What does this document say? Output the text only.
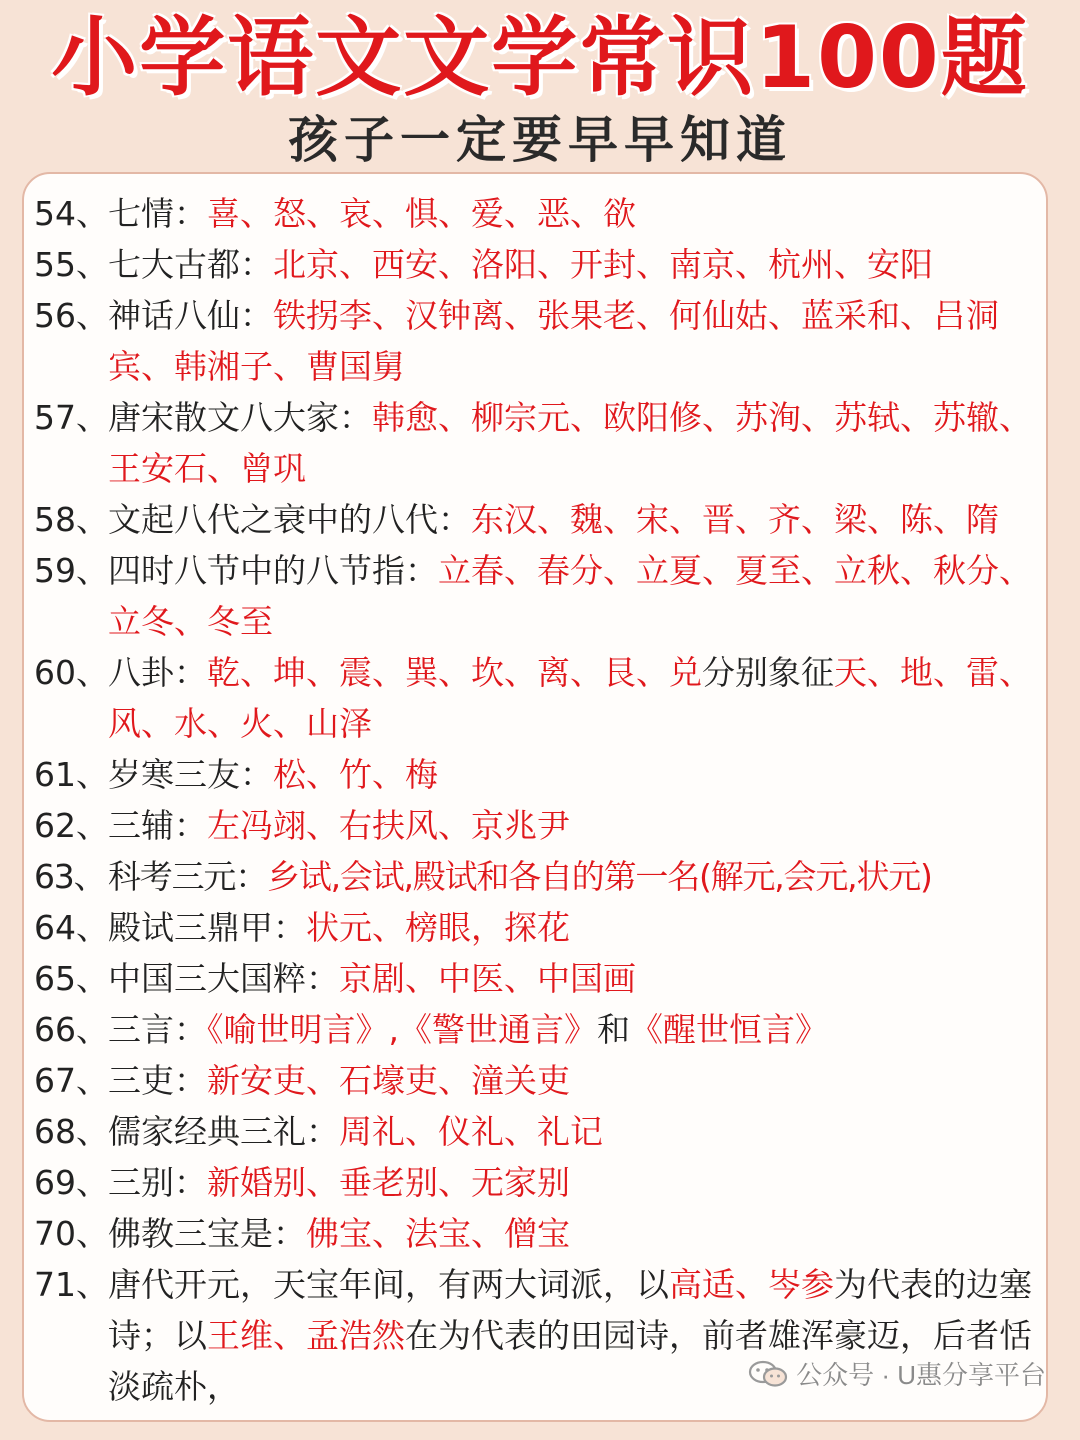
小学语文文学常识100题
孩子一定要早早知道
54、 七情：喜、怒、哀、惧、爱、恶、欲
55、 七大古都：北京、西安、洛阳、开封、南京、杭州、安阳
56、 神话八仙：铁拐李、汉钟离、张果老、何仙姑、蓝采和、吕洞宾、韩湘子、曹国舅
57、 唐宋散文八大家：韩愈、柳宗元、欧阳修、苏洵、苏轼、苏辙、王安石、曾巩
58、 文起八代之衰中的八代：东汉、魏、宋、晋、齐、梁、陈、隋
59、 四时八节中的八节指：立春、春分、立夏、夏至、立秋、秋分、立冬、冬至
60、 八卦：乾、坤、震、巽、坎、离、艮、兑分别象征天、地、雷、风、水、火、山泽
61、 岁寒三友：松、竹、梅
62、 三辅：左冯翊、右扶风、京兆尹
63、 科考三元：乡试,会试,殿试和各自的第一名(解元,会元,状元)
64、 殿试三鼎甲：状元、榜眼，探花
65、 中国三大国粹：京剧、中医、中国画
66、 三言：《喻世明言》,《警世通言》和《醒世恒言》
67、 三吏：新安吏、石壕吏、潼关吏
68、 儒家经典三礼：周礼、仪礼、礼记
69、 三别：新婚别、垂老别、无家别
70、 佛教三宝是：佛宝、法宝、僧宝
71、 唐代开元，天宝年间，有两大词派，以高适、岑参为代表的边塞诗；以王维、孟浩然在为代表的田园诗，前者雄浑豪迈，后者恬淡疏朴，	公众号 · U惠分享平台
